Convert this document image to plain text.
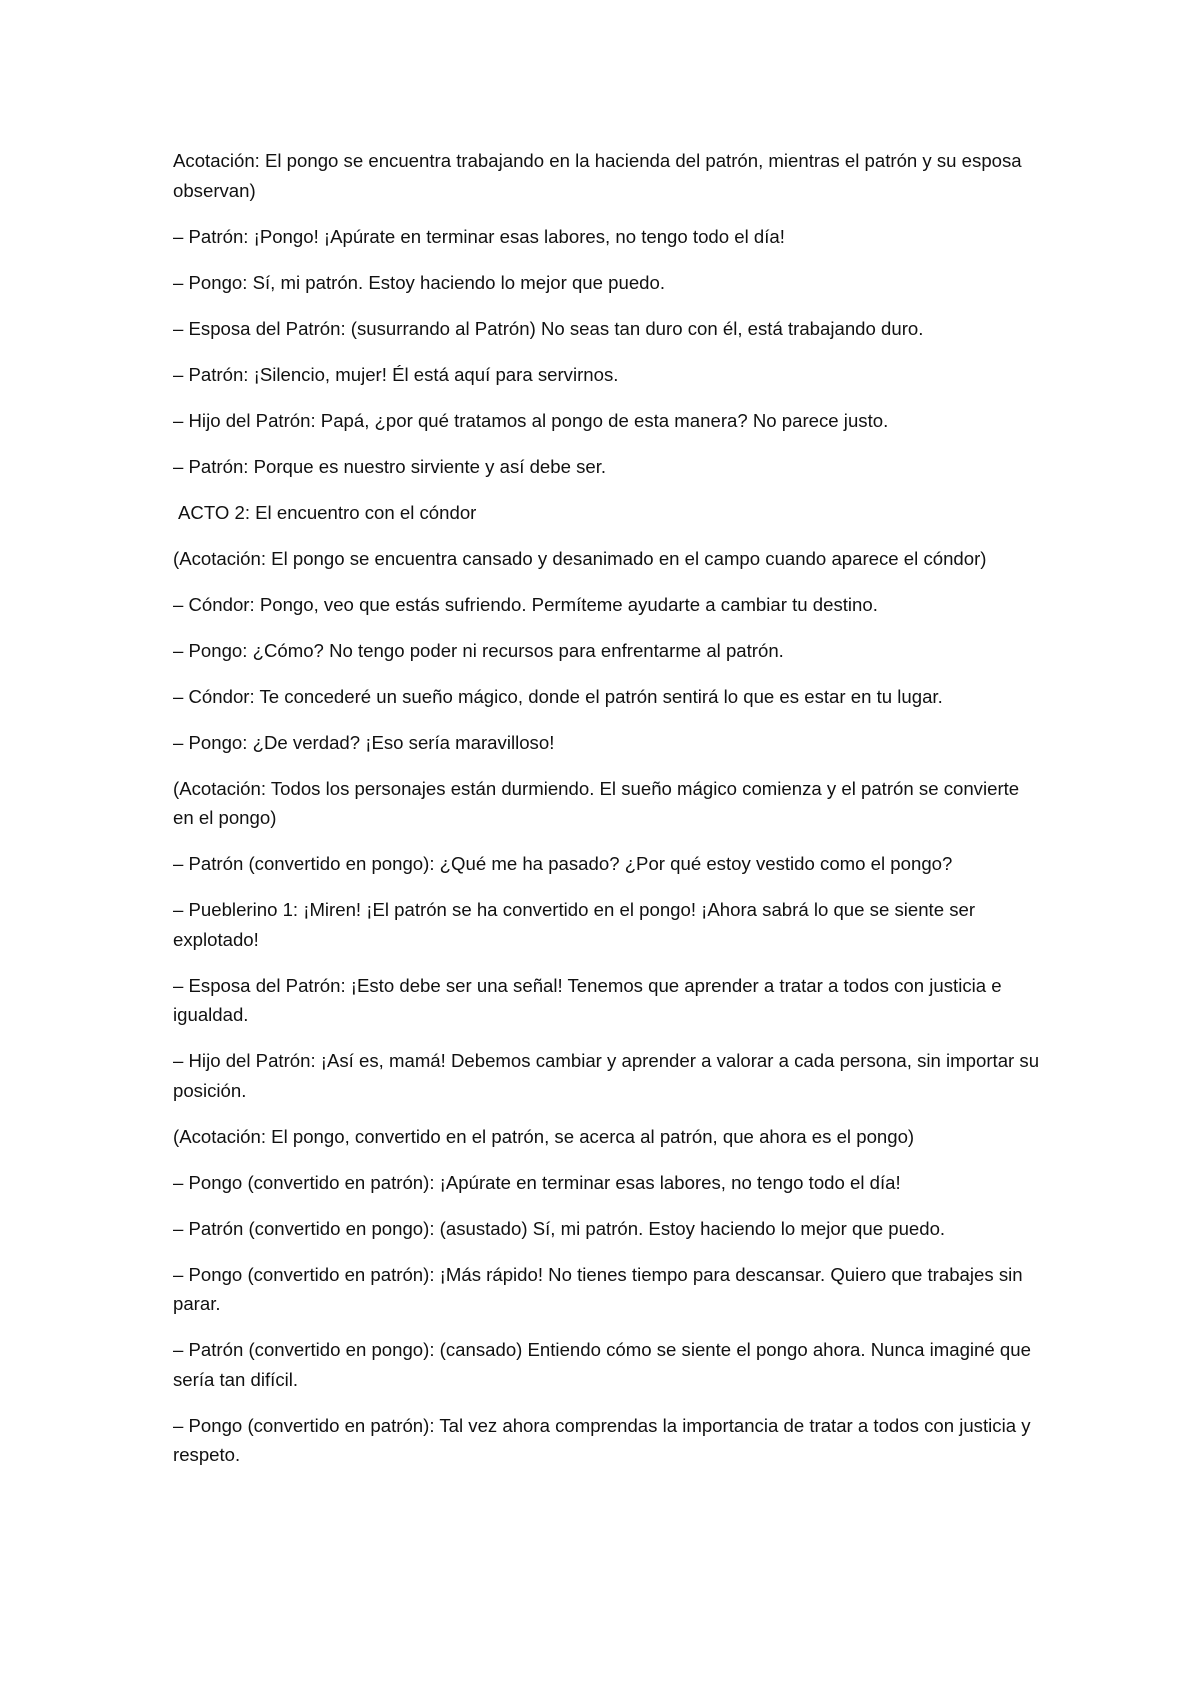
Acotación: El pongo se encuentra trabajando en la hacienda del patrón, mientras el patrón y su esposa observan)

– Patrón: ¡Pongo! ¡Apúrate en terminar esas labores, no tengo todo el día!

– Pongo: Sí, mi patrón. Estoy haciendo lo mejor que puedo.

– Esposa del Patrón: (susurrando al Patrón) No seas tan duro con él, está trabajando duro.

– Patrón: ¡Silencio, mujer! Él está aquí para servirnos.

– Hijo del Patrón: Papá, ¿por qué tratamos al pongo de esta manera? No parece justo.

– Patrón: Porque es nuestro sirviente y así debe ser.

ACTO 2: El encuentro con el cóndor

(Acotación: El pongo se encuentra cansado y desanimado en el campo cuando aparece el cóndor)

– Cóndor: Pongo, veo que estás sufriendo. Permíteme ayudarte a cambiar tu destino.

– Pongo: ¿Cómo? No tengo poder ni recursos para enfrentarme al patrón.

– Cóndor: Te concederé un sueño mágico, donde el patrón sentirá lo que es estar en tu lugar.

– Pongo: ¿De verdad? ¡Eso sería maravilloso!

(Acotación: Todos los personajes están durmiendo. El sueño mágico comienza y el patrón se convierte en el pongo)

– Patrón (convertido en pongo): ¿Qué me ha pasado? ¿Por qué estoy vestido como el pongo?

– Pueblerino 1: ¡Miren! ¡El patrón se ha convertido en el pongo! ¡Ahora sabrá lo que se siente ser explotado!

– Esposa del Patrón: ¡Esto debe ser una señal! Tenemos que aprender a tratar a todos con justicia e igualdad.

– Hijo del Patrón: ¡Así es, mamá! Debemos cambiar y aprender a valorar a cada persona, sin importar su posición.

(Acotación: El pongo, convertido en el patrón, se acerca al patrón, que ahora es el pongo)

– Pongo (convertido en patrón): ¡Apúrate en terminar esas labores, no tengo todo el día!

– Patrón (convertido en pongo): (asustado) Sí, mi patrón. Estoy haciendo lo mejor que puedo.

– Pongo (convertido en patrón): ¡Más rápido! No tienes tiempo para descansar. Quiero que trabajes sin parar.

– Patrón (convertido en pongo): (cansado) Entiendo cómo se siente el pongo ahora. Nunca imaginé que sería tan difícil.

– Pongo (convertido en patrón): Tal vez ahora comprendas la importancia de tratar a todos con justicia y respeto.
